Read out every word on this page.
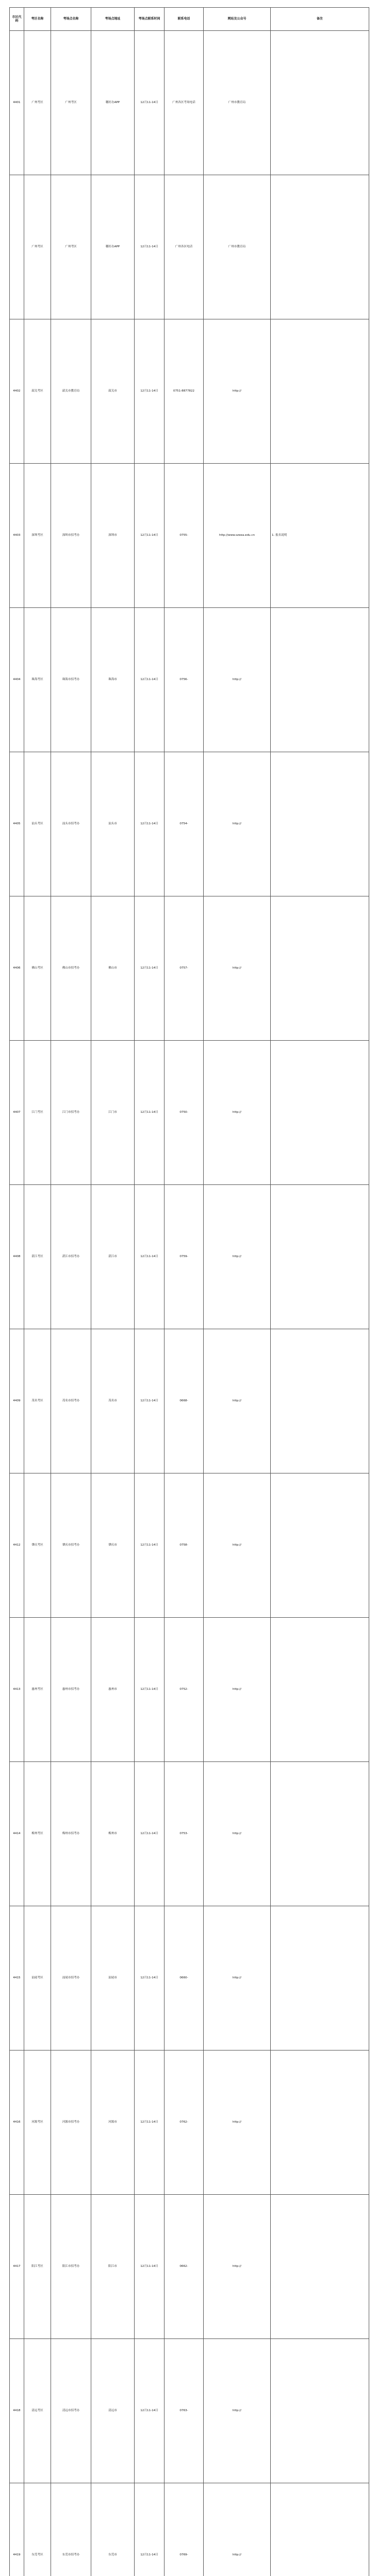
市区代码	考区名称	考场点名称	考场点地址	考场点联系时间	联系电话	网站及公众号	备注
4401	广州考区	广州考区	穗好办APP	12月11-14日	广州各区考场电话	广州市教育局	
	广州考区	广州考区	穗好办APP	12月11-14日	广州各区电话	广州市教育局	
4402	韶关考区	韶关市教育局	韶关市	12月11-14日	0751-8877822	http://	
4403	深圳考区	深圳市招考办	深圳市	12月11-14日	0755-	http://www.szeea.edu.cn	1. 报名说明
4404	珠海考区	珠海市招考办	珠海市	12月11-14日	0756-	http://	
4405	汕头考区	汕头市招考办	汕头市	12月11-14日	0754-	http://	
4406	佛山考区	佛山市招考办	佛山市	12月11-14日	0757-	http://	
4407	江门考区	江门市招考办	江门市	12月11-14日	0750-	http://	
4408	湛江考区	湛江市招考办	湛江市	12月11-14日	0759-	http://	
4409	茂名考区	茂名市招考办	茂名市	12月11-14日	0668-	http://	
4412	肇庆考区	肇庆市招考办	肇庆市	12月11-14日	0758-	http://	
4413	惠州考区	惠州市招考办	惠州市	12月11-14日	0752-	http://	
4414	梅州考区	梅州市招考办	梅州市	12月11-14日	0753-	http://	
4415	汕尾考区	汕尾市招考办	汕尾市	12月11-14日	0660-	http://	
4416	河源考区	河源市招考办	河源市	12月11-14日	0762-	http://	
4417	阳江考区	阳江市招考办	阳江市	12月11-14日	0662-	http://	
4418	清远考区	清远市招考办	清远市	12月11-14日	0763-	http://	
4419	东莞考区	东莞市招考办	东莞市	12月11-14日	0769-	http://	
